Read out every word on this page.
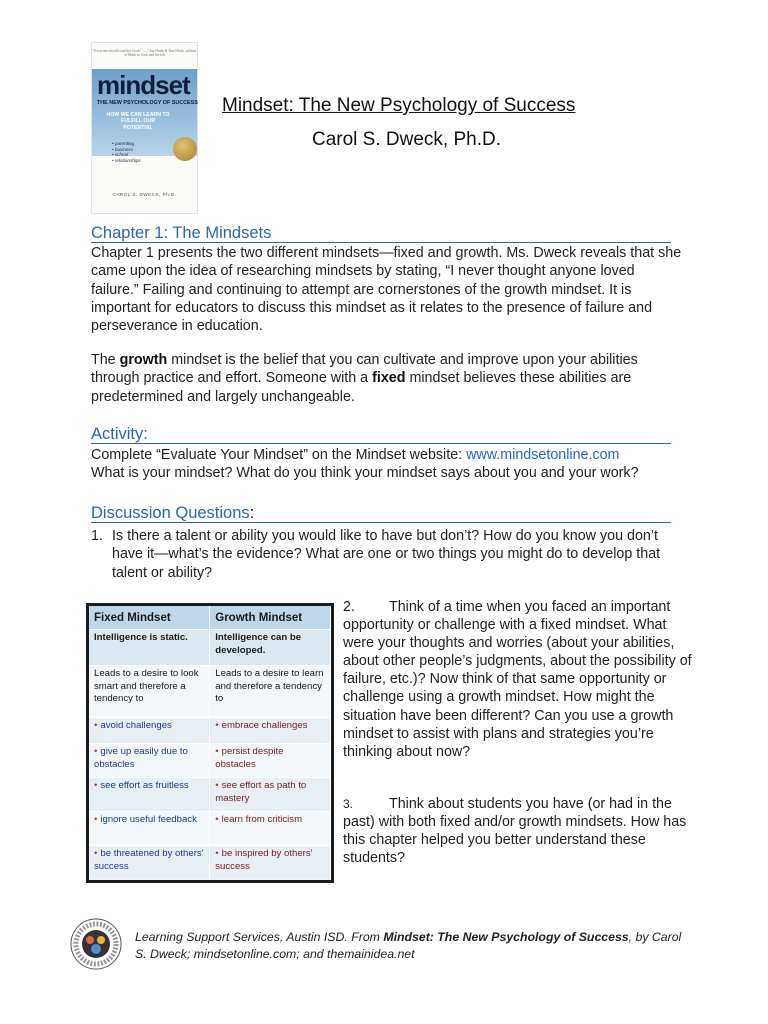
"Everyone should read this book." — Chip Heath & Dan Heath, authors of Made to Stick and Switch
mindset
THE NEW PSYCHOLOGY OF SUCCESS
HOW WE CAN LEARN TO FULFILL OUR POTENTIAL
• parenting
• business
• school
• relationships
CAROL S. DWECK, Ph.D.
Mindset: The New Psychology of Success
Carol S. Dweck, Ph.D.
Chapter 1: The Mindsets
Chapter 1 presents the two different mindsets—fixed and growth. Ms. Dweck reveals that she came upon the idea of researching mindsets by stating, “I never thought anyone loved failure.” Failing and continuing to attempt are cornerstones of the growth mindset. It is important for educators to discuss this mindset as it relates to the presence of failure and perseverance in education.
The growth mindset is the belief that you can cultivate and improve upon your abilities through practice and effort. Someone with a fixed mindset believes these abilities are predetermined and largely unchangeable.
Activity:
Complete “Evaluate Your Mindset” on the Mindset website: www.mindsetonline.com
What is your mindset? What do you think your mindset says about you and your work?
Discussion Questions:
1. Is there a talent or ability you would like to have but don’t? How do you know you don’t have it—what’s the evidence? What are one or two things you might do to develop that talent or ability?
2. Think of a time when you faced an important opportunity or challenge with a fixed mindset. What were your thoughts and worries (about your abilities, about other people’s judgments, about the possibility of failure, etc.)? Now think of that same opportunity or challenge using a growth mindset. How might the situation have been different? Can you use a growth mindset to assist with plans and strategies you’re thinking about now?
3.	Think about students you have (or had in the past) with both fixed and/or growth mindsets. How has this chapter helped you better understand these students?
Fixed Mindset	Growth Mindset
Intelligence is static.	Intelligence can be developed.
Leads to a desire to look smart and therefore a tendency to	Leads to a desire to learn and therefore a tendency to
• avoid challenges	• embrace challenges
• give up easily due to obstacles	• persist despite obstacles
• see effort as fruitless	• see effort as path to mastery
• ignore useful feedback	• learn from criticism
• be threatened by others' success	• be inspired by others' success
Learning Support Services, Austin ISD. From Mindset: The New Psychology of Success, by Carol S. Dweck; mindsetonline.com; and themainidea.net
